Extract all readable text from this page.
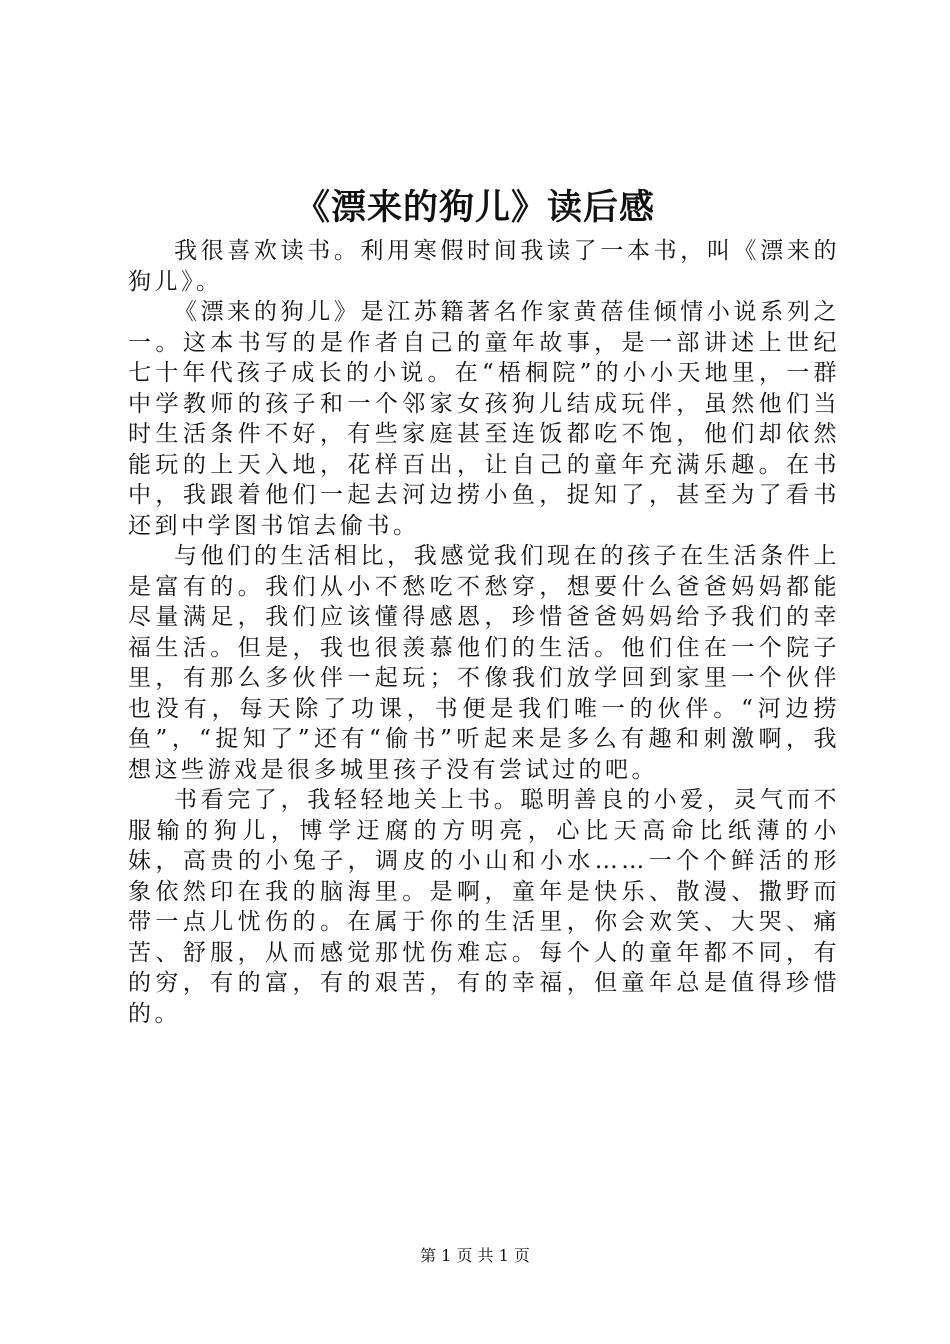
《漂来的狗儿》读后感

我很喜欢读书。利用寒假时间我读了一本书，叫《漂来的狗儿》。

《漂来的狗儿》是江苏籍著名作家黄蓓佳倾情小说系列之一。这本书写的是作者自己的童年故事，是一部讲述上世纪七十年代孩子成长的小说。在“梧桐院”的小小天地里，一群中学教师的孩子和一个邻家女孩狗儿结成玩伴，虽然他们当时生活条件不好，有些家庭甚至连饭都吃不饱，他们却依然能玩的上天入地，花样百出，让自己的童年充满乐趣。在书中，我跟着他们一起去河边捞小鱼，捉知了，甚至为了看书还到中学图书馆去偷书。

与他们的生活相比，我感觉我们现在的孩子在生活条件上是富有的。我们从小不愁吃不愁穿，想要什么爸爸妈妈都能尽量满足，我们应该懂得感恩，珍惜爸爸妈妈给予我们的幸福生活。但是，我也很羡慕他们的生活。他们住在一个院子里，有那么多伙伴一起玩；不像我们放学回到家里一个伙伴也没有，每天除了功课，书便是我们唯一的伙伴。“河边捞鱼”，“捉知了”还有“偷书”听起来是多么有趣和刺激啊，我想这些游戏是很多城里孩子没有尝试过的吧。

书看完了，我轻轻地关上书。聪明善良的小爱，灵气而不服输的狗儿，博学迂腐的方明亮，心比天高命比纸薄的小妹，高贵的小兔子，调皮的小山和小水……一个个鲜活的形象依然印在我的脑海里。是啊，童年是快乐、散漫、撒野而带一点儿忧伤的。在属于你的生活里，你会欢笑、大哭、痛苦、舒服，从而感觉那忧伤难忘。每个人的童年都不同，有的穷，有的富，有的艰苦，有的幸福，但童年总是值得珍惜的。

第 1 页 共 1 页
